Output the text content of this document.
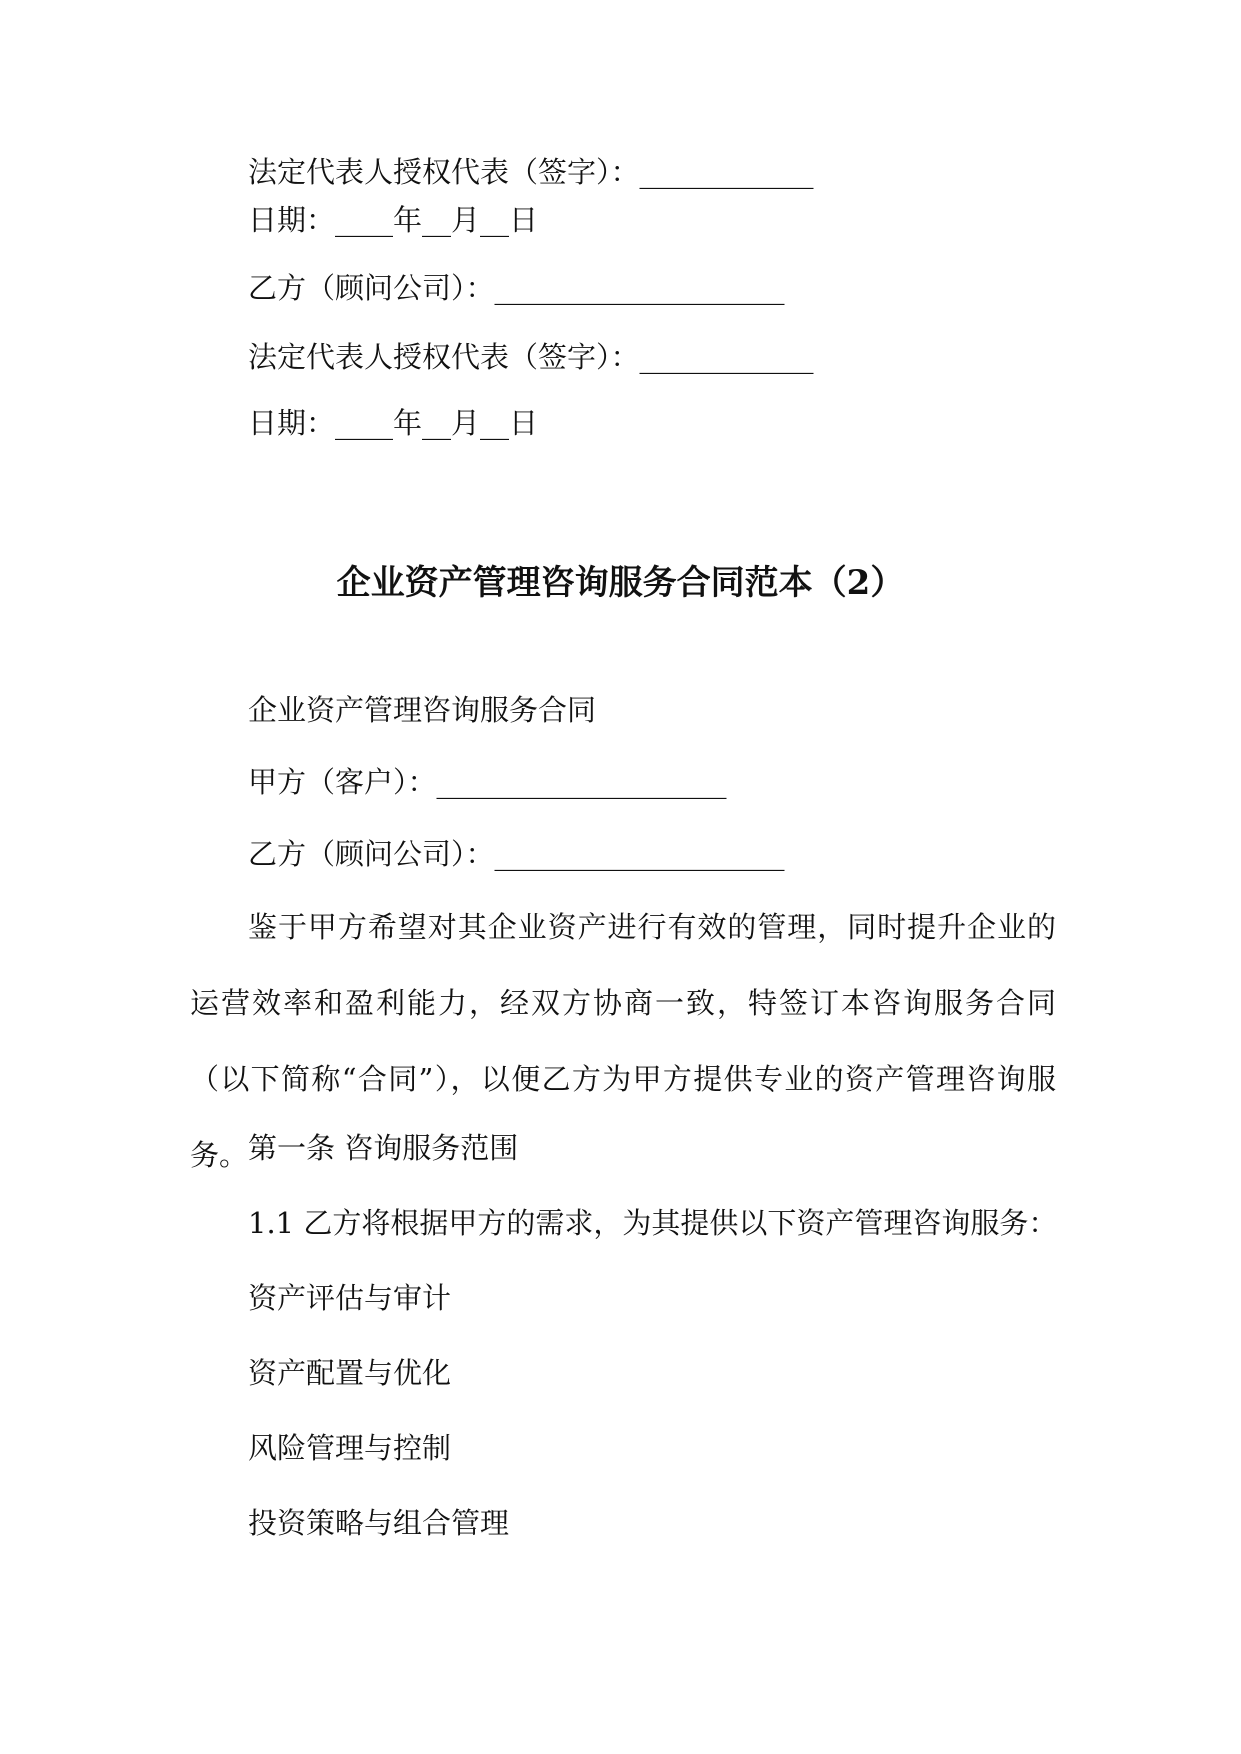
法定代表人授权代表（签字）：____________

日期：____年__月__日

乙方（顾问公司）：____________________

法定代表人授权代表（签字）：____________

日期：____年__月__日

企业资产管理咨询服务合同范本（2）

企业资产管理咨询服务合同

甲方（客户）：____________________

乙方（顾问公司）：____________________

鉴于甲方希望对其企业资产进行有效的管理，同时提升企业的运营效率和盈利能力，经双方协商一致，特签订本咨询服务合同（以下简称“合同”），以便乙方为甲方提供专业的资产管理咨询服务。 第一条 咨询服务范围

1.1 乙方将根据甲方的需求，为其提供以下资产管理咨询服务：

资产评估与审计

资产配置与优化

风险管理与控制

投资策略与组合管理
